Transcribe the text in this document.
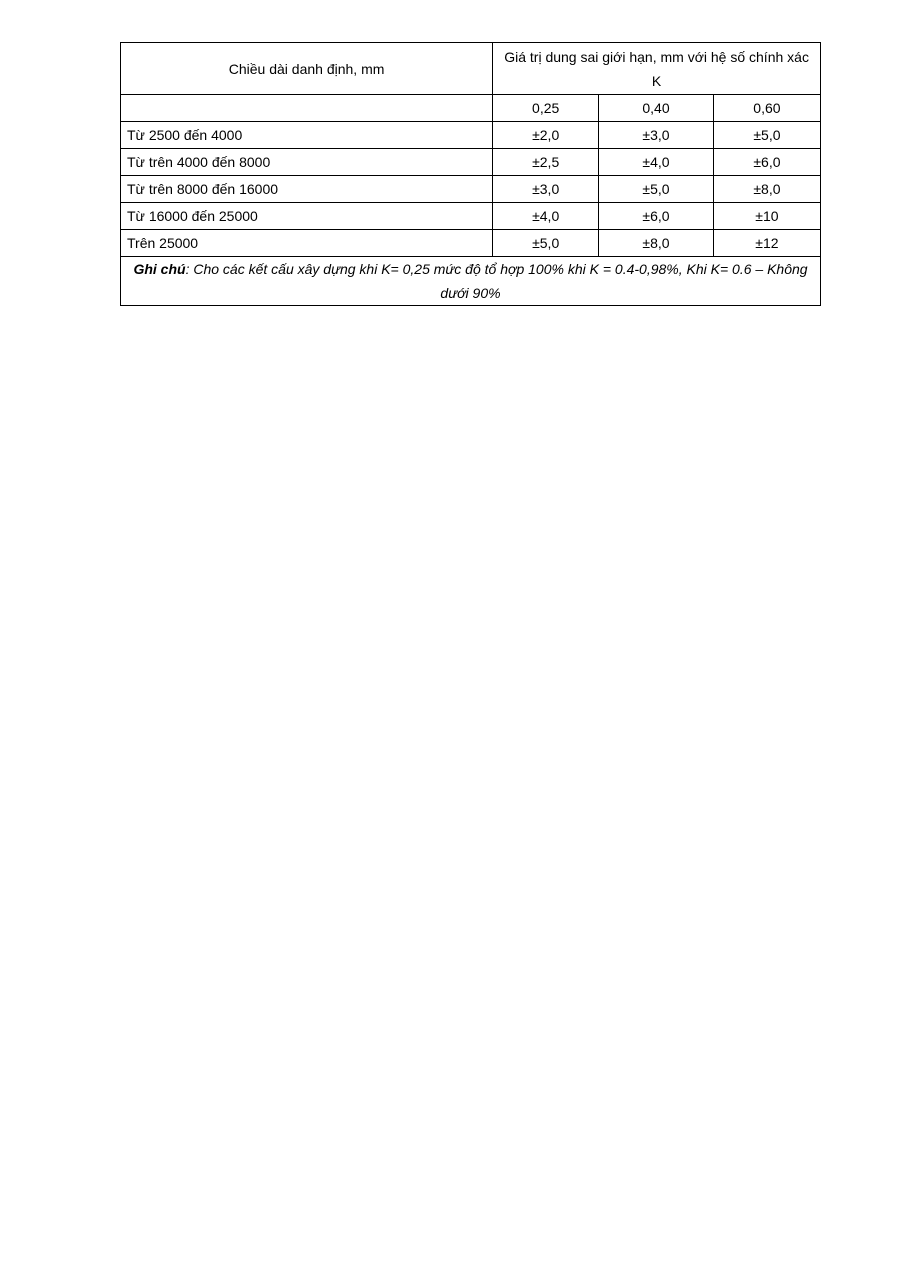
Chiều dài danh định, mm	Giá trị dung sai giới hạn, mm với hệ số chính xác K		
	0,25	0,40	0,60
Từ 2500 đến 4000	±2,0	±3,0	±5,0
Từ trên 4000 đến 8000	±2,5	±4,0	±6,0
Từ trên 8000 đến 16000	±3,0	±5,0	±8,0
Từ 16000 đến 25000	±4,0	±6,0	±10
Trên 25000	±5,0	±8,0	±12
Ghi chú: Cho các kết cấu xây dựng khi K= 0,25 mức độ tổ hợp 100% khi K = 0.4-0,98%, Khi K= 0.6 – Không dưới 90%			
